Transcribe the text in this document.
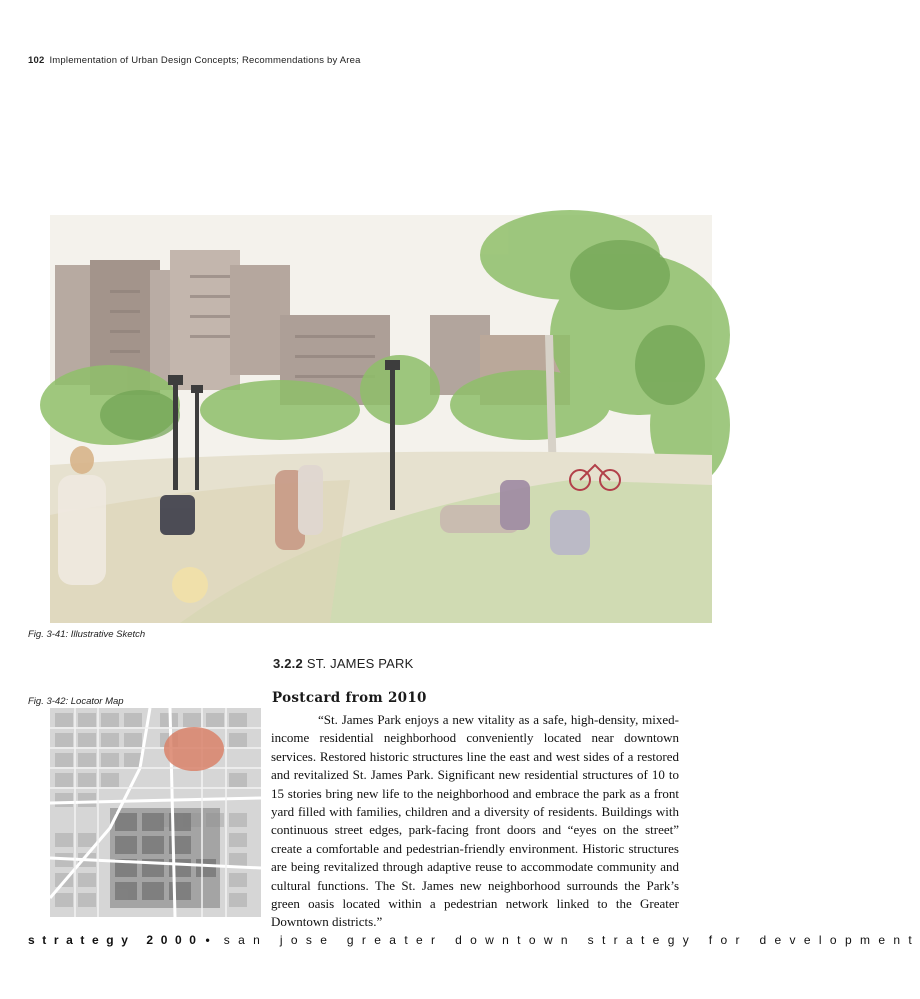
102 Implementation of Urban Design Concepts; Recommendations by Area
Fig. 3-41: Illustrative Sketch
3.2.2 ST. JAMES PARK
Fig. 3-42: Locator Map	Postcard from 2010

“St. James Park enjoys a new vitality as a safe, high-density, mixed-income residential neighborhood conveniently located near downtown services. Restored historic structures line the east and west sides of a restored and revitalized St. James Park. Significant new residential structures of 10 to 15 stories bring new life to the neighborhood and embrace the park as a front yard filled with families, children and a diversity of residents. Buildings with continuous street edges, park-facing front doors and “eyes on the street” create a comfortable and pedestrian-friendly environment. Historic structures are being revitalized through adaptive reuse to accommodate community and cultural functions. The St. James new neighborhood surrounds the Park’s green oasis located within a pedestrian network linked to the Greater Downtown districts.”

strategy 2000 • san jose greater downtown strategy for development
